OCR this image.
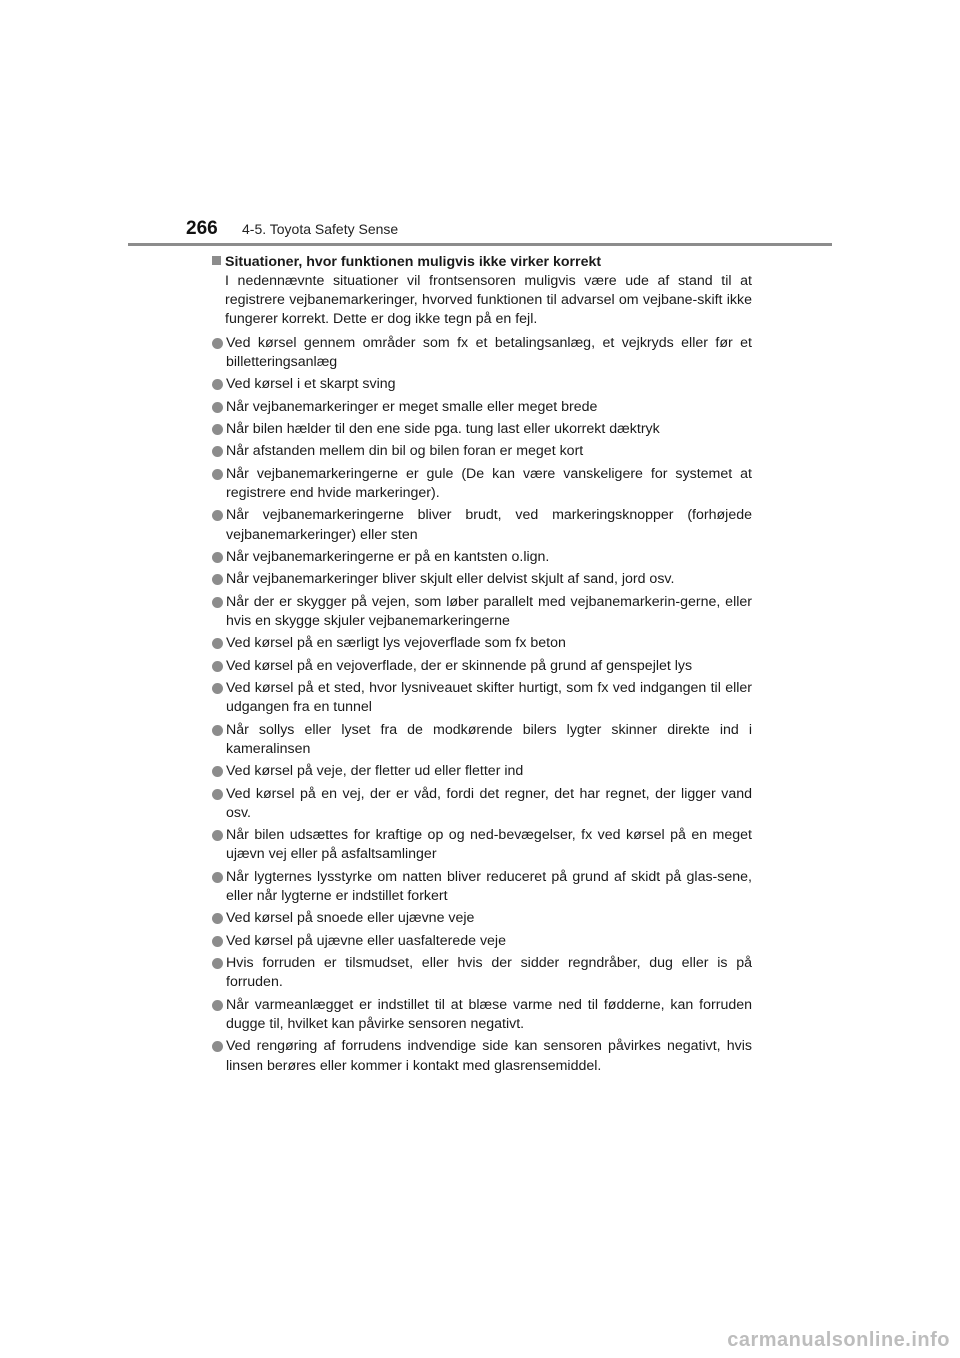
266	4-5. Toyota Safety Sense
Situationer, hvor funktionen muligvis ikke virker korrekt

I nedennævnte situationer vil frontsensoren muligvis være ude af stand til at registrere vejbanemarkeringer, hvorved funktionen til advarsel om vejbane-skift ikke fungerer korrekt. Dette er dog ikke tegn på en fejl.

Ved kørsel gennem områder som fx et betalingsanlæg, et vejkryds eller før et billetteringsanlæg
Ved kørsel i et skarpt sving
Når vejbanemarkeringer er meget smalle eller meget brede
Når bilen hælder til den ene side pga. tung last eller ukorrekt dæktryk
Når afstanden mellem din bil og bilen foran er meget kort
Når vejbanemarkeringerne er gule (De kan være vanskeligere for systemet at registrere end hvide markeringer).
Når vejbanemarkeringerne bliver brudt, ved markeringsknopper (forhøjede vejbanemarkeringer) eller sten
Når vejbanemarkeringerne er på en kantsten o.lign.
Når vejbanemarkeringer bliver skjult eller delvist skjult af sand, jord osv.
Når der er skygger på vejen, som løber parallelt med vejbanemarkerin-gerne, eller hvis en skygge skjuler vejbanemarkeringerne
Ved kørsel på en særligt lys vejoverflade som fx beton
Ved kørsel på en vejoverflade, der er skinnende på grund af genspejlet lys
Ved kørsel på et sted, hvor lysniveauet skifter hurtigt, som fx ved indgangen til eller udgangen fra en tunnel
Når sollys eller lyset fra de modkørende bilers lygter skinner direkte ind i kameralinsen
Ved kørsel på veje, der fletter ud eller fletter ind
Ved kørsel på en vej, der er våd, fordi det regner, det har regnet, der ligger vand osv.
Når bilen udsættes for kraftige op og ned-bevægelser, fx ved kørsel på en meget ujævn vej eller på asfaltsamlinger
Når lygternes lysstyrke om natten bliver reduceret på grund af skidt på glas-sene, eller når lygterne er indstillet forkert
Ved kørsel på snoede eller ujævne veje
Ved kørsel på ujævne eller uasfalterede veje
Hvis forruden er tilsmudset, eller hvis der sidder regndråber, dug eller is på forruden.
Når varmeanlægget er indstillet til at blæse varme ned til fødderne, kan forruden dugge til, hvilket kan påvirke sensoren negativt.
Ved rengøring af forrudens indvendige side kan sensoren påvirkes negativt, hvis linsen berøres eller kommer i kontakt med glasrensemiddel.
carmanualsonline.info
